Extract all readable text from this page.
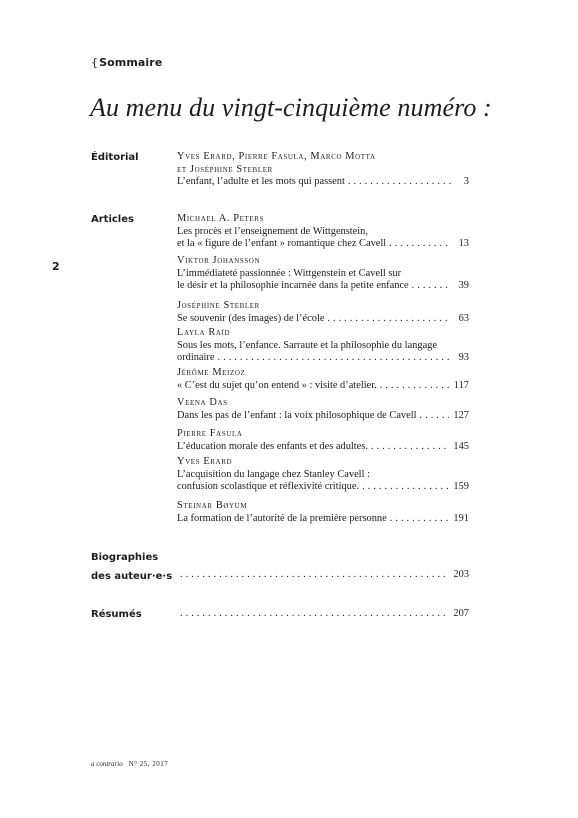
{Sommaire
Au menu du vingt-cinquième numéro :
2
Éditorial	Yves Erard, Pierre Fasula, Marco Motta
et Joséphine Stebler
L’enfant, l’adulte et les mots qui passent . . .	3
Articles	Michael A. Peters
Les procès et l’enseignement de Wittgenstein,
et la « figure de l’enfant » romantique chez Cavell . . .	13
Viktor Johansson
L’immédiateté passionnée : Wittgenstein et Cavell sur
le désir et la philosophie incarnée dans la petite enfance . . .	39
Joséphine Stebler
Se souvenir (des images) de l’école . . .	63
Layla Raïd
Sous les mots, l’enfance. Sarraute et la philosophie du langage
ordinaire . . .	93
Jérôme Meizoz
« C’est du sujet qu’on entend » : visite d’atelier. . . .	117
Veena Das
Dans les pas de l’enfant : la voix philosophique de Cavell . . .	127
Pierre Fasula
L’éducation morale des enfants et des adultes. . . .	145
Yves Erard
L’acquisition du langage chez Stanley Cavell :
confusion scolastique et réflexivité critique. . . .	159
Steinar Bøyum
La formation de l’autorité de la première personne . . .	191
Biographies
des auteur·e·s . . .	203
Résumés . . .	207
a contrario N° 25, 2017
